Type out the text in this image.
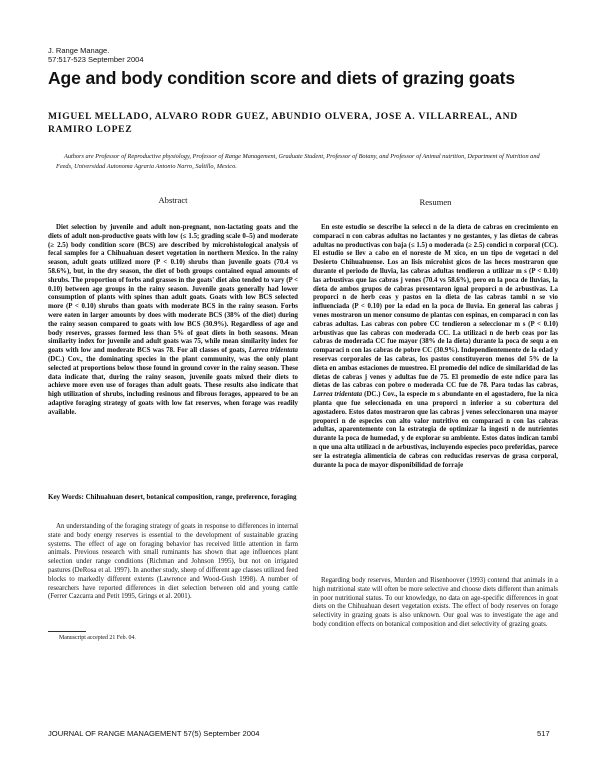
J. Range Manage.
57:517-523 September 2004
Age and body condition score and diets of grazing goats
MIGUEL MELLADO, ALVARO RODR GUEZ, ABUNDIO OLVERA, JOSE A. VILLARREAL, AND RAMIRO LOPEZ
Authors are Professor of Reproductive physiology, Professor of Range Management, Graduate Student, Professor of Botany, and Professor of Animal nutrition, Department of Nutrition and Feeds, Universidad Autonoma Agraria Antonio Narro, Saltillo, Mexico.
Abstract
Diet selection by juvenile and adult non-pregnant, non-lactating goats and the diets of adult non-productive goats with low (≤ 1.5; grading scale 0–5) and moderate (≥ 2.5) body condition score (BCS) are described by microhistological analysis of fecal samples for a Chihuahuan desert vegetation in northern Mexico. In the rainy season, adult goats utilized more (P < 0.10) shrubs than juvenile goats (70.4 vs 58.6%), but, in the dry season, the diet of both groups contained equal amounts of shrubs. The proportion of forbs and grasses in the goats' diet also tended to vary (P < 0.10) between age groups in the rainy season. Juvenile goats generally had lower consumption of plants with spines than adult goats. Goats with low BCS selected more (P < 0.10) shrubs than goats with moderate BCS in the rainy season. Forbs were eaten in larger amounts by does with moderate BCS (38% of the diet) during the rainy season compared to goats with low BCS (30.9%). Regardless of age and body reserves, grasses formed less than 5% of goat diets in both seasons. Mean similarity index for juvenile and adult goats was 75, while mean similarity index for goats with low and moderate BCS was 78. For all classes of goats, Larrea tridentata (DC.) Cov., the dominating species in the plant community, was the only plant selected at proportions below those found in ground cover in the rainy season. These data indicate that, during the rainy season, juvenile goats mixed their diets to achieve more even use of forages than adult goats. These results also indicate that high utilization of shrubs, including resinous and fibrous forages, appeared to be an adaptive foraging strategy of goats with low fat reserves, when forage was readily available.
Key Words: Chihuahuan desert, botanical composition, range, preference, foraging
An understanding of the foraging strategy of goats in response to differences in internal state and body energy reserves is essential to the development of sustainable grazing systems. The effect of age on foraging behavior has received little attention in farm animals. Previous research with small ruminants has shown that age influences plant selection under range conditions (Richman and Johnson 1995), but not on irrigated pastures (DeRosa et al. 1997). In another study, sheep of different age classes utilized feed blocks to markedly different extents (Lawrence and Wood-Gush 1998). A number of researchers have reported differences in diet selection between old and young cattle (Ferrer Cazcarra and Petit 1995, Grings et al. 2001).
Manuscript accepted 21 Feb. 04.
Resumen
En este estudio se describe la selecci n de la dieta de cabras en crecimiento en comparaci n con cabras adultas no lactantes y no gestantes, y las dietas de cabras adultas no productivas con baja (≤ 1.5) o moderada (≥ 2.5) condici n corporal (CC). El estudio se llev a cabo en el noreste de M xico, en un tipo de vegetaci n del Desierto Chihuahuense. Los an lisis microhist gicos de las heces mostraron que durante el periodo de lluvia, las cabras adultas tendieron a utilizar m s (P < 0.10) las arbustivas que las cabras j venes (70.4 vs 58.6%), pero en la poca de lluvias, la dieta de ambos grupos de cabras presentaron igual proporci n de arbustivas. La proporci n de herb ceas y pastos en la dieta de las cabras tambi n se vio influenciada (P < 0.10) por la edad en la poca de lluvia. En general las cabras j venes mostraron un menor consumo de plantas con espinas, en comparaci n con las cabras adultas. Las cabras con pobre CC tendieron a seleccionar m s (P < 0.10) arbustivas que las cabras con moderada CC. La utilizaci n de herb ceas por las cabras de moderada CC fue mayor (38% de la dieta) durante la poca de sequ a en comparaci n con las cabras de pobre CC (30.9%). Independientemente de la edad y reservas corporales de las cabras, los pastos constituyeron menos del 5% de la dieta en ambas estaciones de muestreo. El promedio del ndice de similaridad de las dietas de cabras j venes y adultas fue de 75. El promedio de este ndice para las dietas de las cabras con pobre o moderada CC fue de 78. Para todas las cabras, Larrea tridentata (DC.) Cov., la especie m s abundante en el agostadero, fue la nica planta que fue seleccionada en una proporci n inferior a su cobertura del agostadero. Estos datos mostraron que las cabras j venes seleccionaron una mayor proporci n de especies con alto valor nutritivo en comparaci n con las cabras adultas, aparentemente con la estrategia de optimizar la ingesti n de nutrientes durante la poca de humedad, y de explorar su ambiente. Estos datos indican tambi n que una alta utilizaci n de arbustivas, incluyendo especies poco preferidas, parece ser la estrategia alimenticia de cabras con reducidas reservas de grasa corporal, durante la poca de mayor disponibilidad de forraje
Regarding body reserves, Murden and Risenhoover (1993) contend that animals in a high nutritional state will often be more selective and choose diets different than animals in poor nutritional status. To our knowledge, no data on age-specific differences in goat diets on the Chihuahuan desert vegetation exists. The effect of body reserves on forage selectivity in grazing goats is also unknown. Our goal was to investigate the age and body condition effects on botanical composition and diet selectivity of grazing goats.
JOURNAL OF RANGE MANAGEMENT 57(5) September 2004	517
